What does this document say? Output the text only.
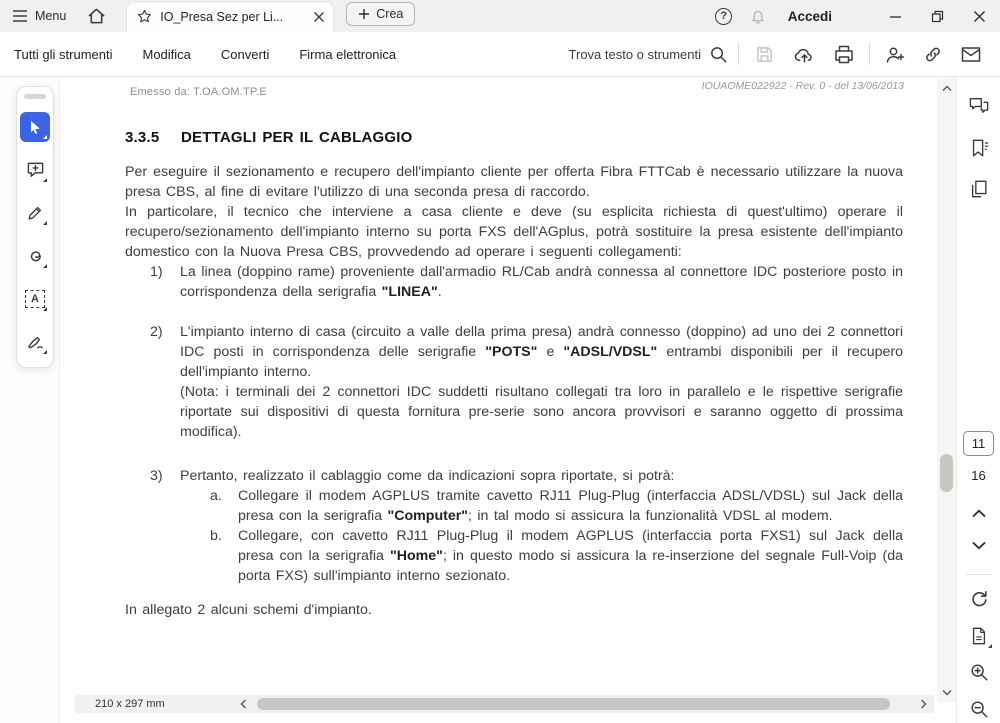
Menu	IO_Presa Sez per Li...	Crea	?	Accedi
Tutti gli strumenti Modifica Converti Firma elettronica	Trova testo o strumenti
A
Emesso da: T.OA.OM.TP.E	IOUAOME022922 - Rev. 0 - del 13/06/2013
3.3.5	DETTAGLI PER IL CABLAGGIO

Per eseguire il sezionamento e recupero dell'impianto cliente per offerta Fibra FTTCab è necessario utilizzare la nuova presa CBS, al fine di evitare l'utilizzo di una seconda presa di raccordo.

In particolare, il tecnico che interviene a casa cliente e deve (su esplicita richiesta di quest'ultimo) operare il recupero/sezionamento dell'impianto interno su porta FXS dell'AGplus, potrà sostituire la presa esistente dell'impianto domestico con la Nuova Presa CBS, provvedendo ad operare i seguenti collegamenti:

1)	La linea (doppino rame) proveniente dall'armadio RL/Cab andrà connessa al connettore IDC posteriore posto in corrispondenza della serigrafia "LINEA".
2)	L'impianto interno di casa (circuito a valle della prima presa) andrà connesso (doppino) ad uno dei 2 connettori IDC posti in corrispondenza delle serigrafie "POTS" e "ADSL/VDSL" entrambi disponibili per il recupero dell'impianto interno.
(Nota: i terminali dei 2 connettori IDC suddetti risultano collegati tra loro in parallelo e le rispettive serigrafie riportate sui dispositivi di questa fornitura pre-serie sono ancora provvisori e saranno oggetto di prossima modifica).
3)	Pertanto, realizzato il cablaggio come da indicazioni sopra riportate, si potrà:
a.	Collegare il modem AGPLUS tramite cavetto RJ11 Plug-Plug (interfaccia ADSL/VDSL) sul Jack della presa con la serigrafia "Computer"; in tal modo si assicura la funzionalità VDSL al modem.
b.	Collegare, con cavetto RJ11 Plug-Plug il modem AGPLUS (interfaccia porta FXS1) sul Jack della presa con la serigrafia "Home"; in questo modo si assicura la re-inserzione del segnale Full-Voip (da porta FXS) sull'impianto interno sezionato.

In allegato 2 alcuni schemi d'impianto.

11
16
210 x 297 mm
